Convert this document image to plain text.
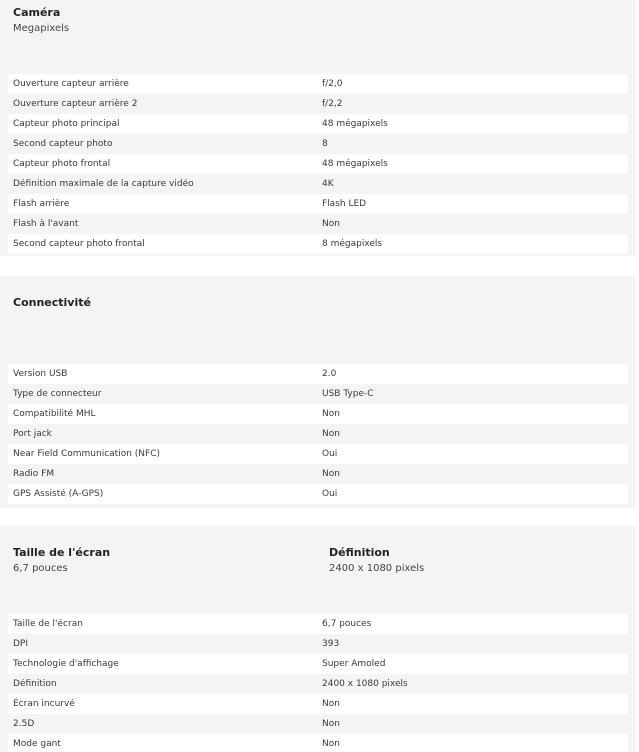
Caméra
Megapixels
Ouverture capteur arrière	f/2,0
Ouverture capteur arrière 2	f/2,2
Capteur photo principal	48 mégapixels
Second capteur photo	8
Capteur photo frontal	48 mégapixels
Définition maximale de la capture vidéo	4K
Flash arrière	Flash LED
Flash à l'avant	Non
Second capteur photo frontal	8 mégapixels
Connectivité
Version USB	2.0
Type de connecteur	USB Type-C
Compatibilité MHL	Non
Port jack	Non
Near Field Communication (NFC)	Oui
Radio FM	Non
GPS Assisté (A-GPS)	Oui
Taille de l'écran
6,7 pouces
Définition
2400 x 1080 pixels
Taille de l'écran	6,7 pouces
DPI	393
Technologie d'affichage	Super Amoled
Définition	2400 x 1080 pixels
Écran incurvé	Non
2.5D	Non
Mode gant	Non
